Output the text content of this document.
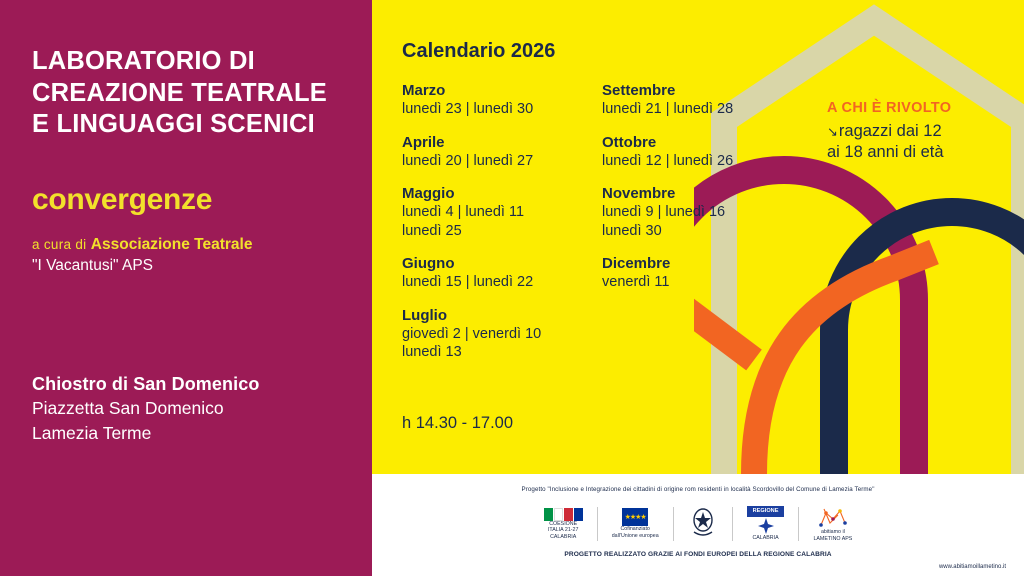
LABORATORIO DI
CREAZIONE TEATRALE
E LINGUAGGI SCENICI
convergenze
a cura di Associazione Teatrale
"I Vacantusi" APS
Chiostro di San Domenico
Piazzetta San Domenico
Lamezia Terme
Calendario 2026
Marzo
lunedì 23 | lunedì 30
Aprile
lunedì 20 | lunedì 27
Maggio
lunedì 4 | lunedì 11
lunedì 25
Giugno
lunedì 15 | lunedì 22
Luglio
giovedì 2 | venerdì 10
lunedì 13
Settembre
lunedì 21 | lunedì 28
Ottobre
lunedì 12 | lunedì 26
Novembre
lunedì 9 | lunedì 16
lunedì 30
Dicembre
venerdì 11
h 14.30 - 17.00
A CHI È RIVOLTO
↘ragazzi dai 12
ai 18 anni di età
Progetto "Inclusione e Integrazione dei cittadini di origine rom residenti in località Scordovillo del Comune di Lamezia Terme"
COESIONE
ITALIA 21-27
CALABRIA
★★★★
Cofinanziato
dall'Unione europea
REGIONE
CALABRIA
abitiamo il
LAMETINO APS
PROGETTO REALIZZATO GRAZIE AI FONDI EUROPEI DELLA REGIONE CALABRIA
www.abitiamoillametino.it
